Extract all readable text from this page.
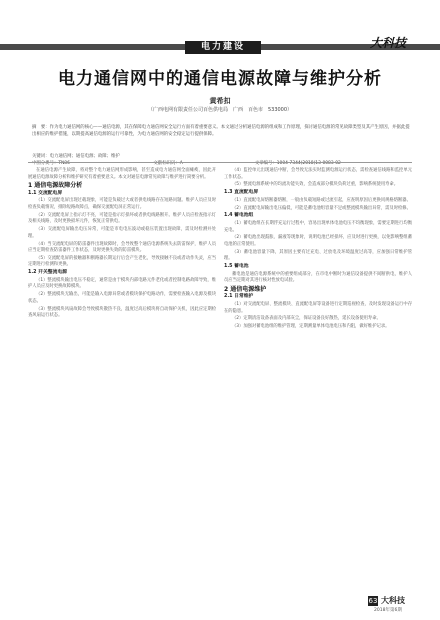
电力建设	大科技
电力通信网中的通信电源故障与维护分析
黄希扣
（广西电网有限责任公司百色供电局　广西　百色市　533000）
摘　要：作为电力通信网的核心——通信电源，其在保障电力通信网安全运行方面有着重要意义。本文通过分析通信电源的组成和工作原理，探讨通信电源的常见故障类型及其产生原因，并据此提出相应的维护措施，以期提高通信电源的运行可靠性，为电力通信网的安全稳定运行提供保障。
关键词：电力通信网；通信电源；故障；维护
中图分类号：TN86	文献标识码：A	文章编号：1004-7344(2018)13-0083-02

在通信电源产生故障，将对整个电力通信网形成影响，甚至造成电力通信网全面瘫痪，因此开展通信电源故障分析和维护研究有着重要意义。本文对通信电源常见故障与维护进行简要分析。

1 通信电源故障分析
1.1 交流配电屏

（1）交流配电屏出现过载现象，可能是负载过大或者供电线路存在短路问题。维护人员应及时检查负载情况，排除短路故障点，确保交流配电屏正常运行。

（2）交流配电屏上指示灯不亮，可能是指示灯损坏或者供电线路断开。维护人员应检查指示灯及相关线路，及时更换损坏元件，恢复正常供电。

（3）交流配电屏输出电压异常，可能是市电电压波动或稳压装置出现故障，需及时检测并处理。

（4）当交流配电屏的防雷器件出现故障时，会导致整个通信电源系统失去防雷保护，维护人员应当定期检查防雷器件工作状态，及时更换失效的防雷模块。

（5）交流配电屏的接触器和断路器长期运行后会产生老化，导致接触不良或者动作失灵，应当定期进行检测和更换。

1.2 开关整流电源

（1）整流模块输出电压不稳定，通常是由于模块内部电路元件老化或者控制电路故障导致，维护人员应及时更换故障模块。

（2）整流模块无输出，可能是输入电源异常或者模块保护电路动作，需要检查输入电源及模块状态。

（3）整流模块风扇故障会导致模块散热不良，温度过高后模块将自动保护关机，因此应定期检查风扇运行状态。

（4）监控单元出现通信中断，会导致无法实时监测电源运行状态，需检查通信线路和监控单元工作状态。

（5）整流电源系统中的均流功能失效，会造成部分模块负荷过重，影响系统使用寿命。

1.3 直流配电屏

（1）直流配电屏熔断器熔断，一般由负载短路或过流引起，应查明原因后更换同规格熔断器。

（2）直流配电屏输出电压偏低，可能是蓄电池组容量不足或整流模块输出异常，需及时检修。

1.4 蓄电池组

（1）蓄电池组在长期浮充运行过程中，容易出现单体电池电压不均衡现象，需要定期进行均衡充电。

（2）蓄电池出现鼓胀、漏液等现象时，说明电池已经损坏，应及时进行更换，以免影响整组蓄电池的正常使用。

（3）蓄电池容量下降，其原因主要有过充电、过放电及环境温度过高等，应加强日常维护管理。

1.5 蓄电池

蓄电池是通信电源系统中的重要组成部分，在市电中断时为通信设备提供不间断供电，维护人员应当定期对其进行核对性放电试验。

2 通信电源维护
2.1 日常维护

（1）对交流配电屏、整流模块、直流配电屏等设备进行定期巡视检查，及时发现设备运行中存在的隐患。

（2）定期清洁设备表面及内部灰尘，保证设备良好散热，延长设备使用寿命。

（3）加强对蓄电池组的维护管理，定期测量单体电池电压和内阻，做好维护记录。

63 大科技
2018年第6期
